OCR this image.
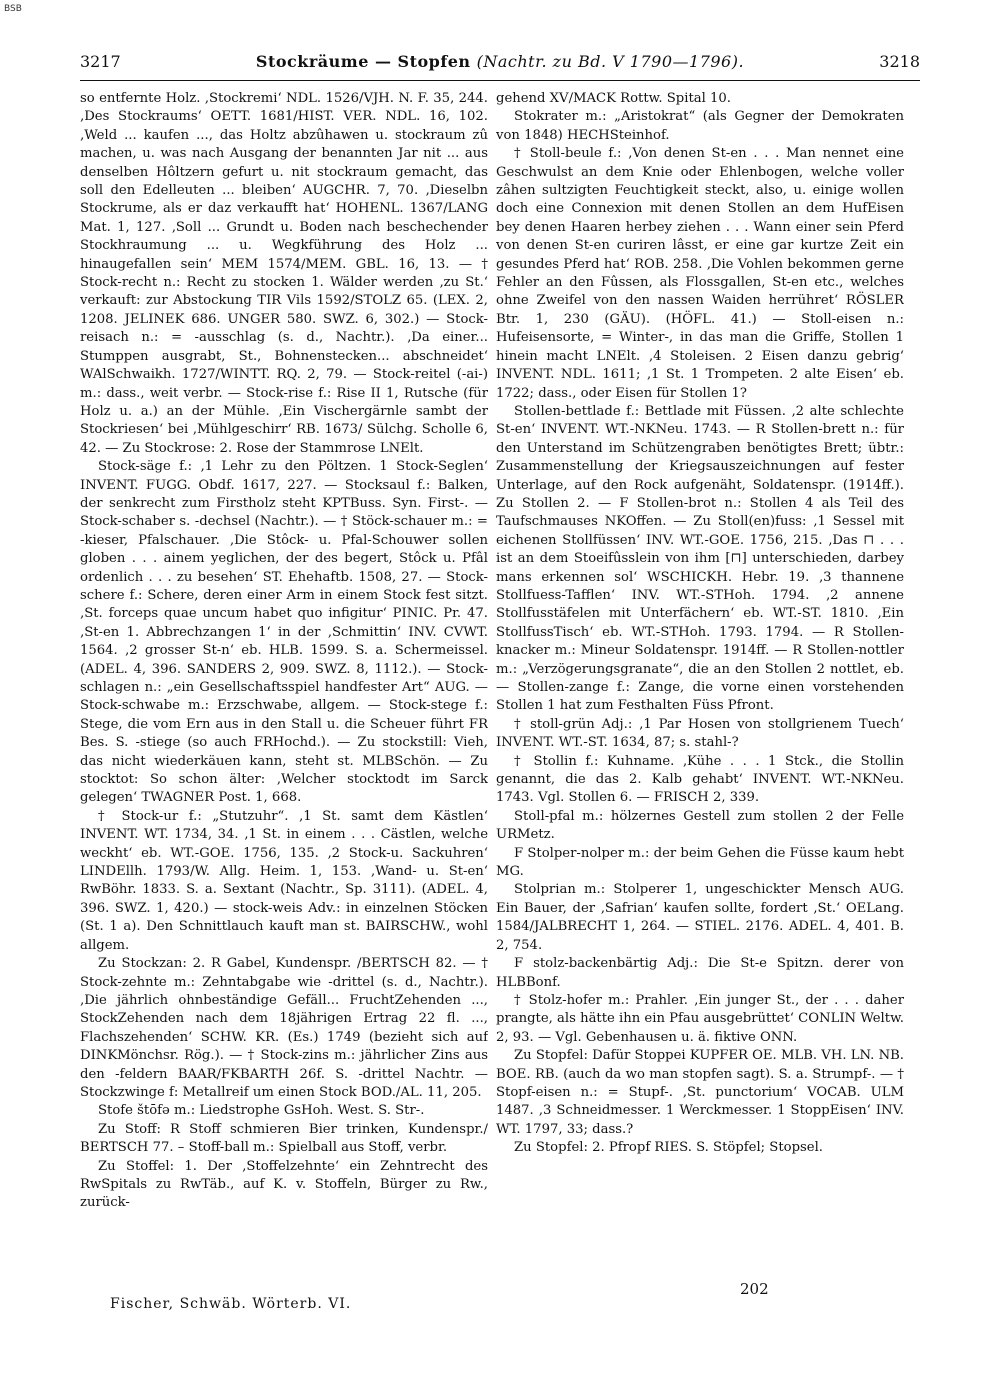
BSB
3217	Stockräume — Stopfen (Nachtr. zu Bd. V 1790—1796).	3218

so entfernte Holz. ‚Stockremi‘ NDL. 1526/VJH. N. F. 35, 244. ‚Des Stockraums‘ OETT. 1681/HIST. VER. NDL. 16, 102. ‚Weld ... kaufen ..., das Holtz abzûhawen u. stockraum zû machen, u. was nach Ausgang der benannten Jar nit ... aus denselben Hôltzern gefurt u. nit stockraum gemacht, das soll den Edelleuten ... bleiben‘ AUGCHR. 7, 70. ‚Dieselbn Stockrume, als er daz verkaufft hat‘ HOHENL. 1367/LANG Mat. 1, 127. ‚Soll ... Grundt u. Boden nach beschechender Stockhraumung ... u. Wegkführung des Holz ... hinaugefallen sein‘ MEM 1574/MEM. GBL. 16, 13. — † Stock-recht n.: Recht zu stocken 1. Wälder werden ‚zu St.‘ verkauft: zur Abstockung TIR Vils 1592/STOLZ 65. (LEX. 2, 1208. JELINEK 686. UNGER 580. SWZ. 6, 302.) — Stock-reisach n.: = -ausschlag (s. d., Nachtr.). ‚Da einer... Stumppen ausgrabt, St., Bohnenstecken... abschneidet‘ WAlSchwaikh. 1727/WINTT. RQ. 2, 79. — Stock-reitel (-ai-) m.: dass., weit verbr. — Stock-rise f.: Rise II 1, Rutsche (für Holz u. a.) an der Mühle. ‚Ein Vischergärnle sambt der Stockriesen‘ bei ‚Mühlgeschirr‘ RB. 1673/ Sülchg. Scholle 6, 42. — Zu Stockrose: 2. Rose der Stammrose LNElt.

Stock-säge f.: ‚1 Lehr zu den Pöltzen. 1 Stock-Seglen‘ INVENT. FUGG. Obdf. 1617, 227. — Stocksaul f.: Balken, der senkrecht zum Firstholz steht KPTBuss. Syn. First-. — Stock-schaber s. -dechsel (Nachtr.). — † Stöck-schauer m.: = -kieser, Pfalschauer. ‚Die Stôck- u. Pfal-Schouwer sollen globen . . . ainem yeglichen, der des begert, Stôck u. Pfâl ordenlich . . . zu besehen‘ ST. Ehehaftb. 1508, 27. — Stock-schere f.: Schere, deren einer Arm in einem Stock fest sitzt. ‚St. forceps quae uncum habet quo infigitur‘ PINIC. Pr. 47. ‚St-en 1. Abbrechzangen 1‘ in der ‚Schmittin‘ INV. CVWT. 1564. ‚2 grosser St-n‘ eb. HLB. 1599. S. a. Schermeissel. (ADEL. 4, 396. SANDERS 2, 909. SWZ. 8, 1112.). — Stock-schlagen n.: „ein Gesellschaftsspiel handfester Art“ AUG. — Stock-schwabe m.: Erzschwabe, allgem. — Stock-stege f.: Stege, die vom Ern aus in den Stall u. die Scheuer führt FR Bes. S. -stiege (so auch FRHochd.). — Zu stockstill: Vieh, das nicht wiederkäuen kann, steht st. MLBSchön. — Zu stocktot: So schon älter: ‚Welcher stocktodt im Sarck gelegen‘ TWAGNER Post. 1, 668.

† Stock-ur f.: „Stutzuhr“. ‚1 St. samt dem Kästlen‘ INVENT. WT. 1734, 34. ‚1 St. in einem . . . Cästlen, welche weckht‘ eb. WT.-GOE. 1756, 135. ‚2 Stock-u. Sackuhren‘ LINDEllh. 1793/W. Allg. Heim. 1, 153. ‚Wand- u. St-en‘ RwBöhr. 1833. S. a. Sextant (Nachtr., Sp. 3111). (ADEL. 4, 396. SWZ. 1, 420.) — stock-weis Adv.: in einzelnen Stöcken (St. 1 a). Den Schnittlauch kauft man st. BAIRSCHW., wohl allgem.

Zu Stockzan: 2. R Gabel, Kundenspr. /BERTSCH 82. — † Stock-zehnte m.: Zehntabgabe wie -drittel (s. d., Nachtr.). ‚Die jährlich ohnbeständige Gefäll... FruchtZehenden ..., StockZehenden nach dem 18jährigen Ertrag 22 fl. ..., Flachszehenden‘ SCHW. KR. (Es.) 1749 (bezieht sich auf DINKMönchsr. Rög.). — † Stock-zins m.: jährlicher Zins aus den -feldern BAAR/FKBARTH 26f. S. -drittel Nachtr. — Stockzwinge f: Metallreif um einen Stock BOD./AL. 11, 205.

Stofe štōfə m.: Liedstrophe GsHoh. West. S. Str-.

Zu Stoff: R Stoff schmieren Bier trinken, Kundenspr./ BERTSCH 77. – Stoff-ball m.: Spielball aus Stoff, verbr.

Zu Stoffel: 1. Der ‚Stoffelzehnte‘ ein Zehntrecht des RwSpitals zu RwTäb., auf K. v. Stoffeln, Bürger zu Rw., zurück-

gehend XV/MACK Rottw. Spital 10.

Stokrater m.: „Aristokrat“ (als Gegner der Demokraten von 1848) HECHSteinhof.

† Stoll-beule f.: ‚Von denen St-en . . . Man nennet eine Geschwulst an dem Knie oder Ehlenbogen, welche voller zâhen sultzigten Feuchtigkeit steckt, also, u. einige wollen doch eine Connexion mit denen Stollen an dem HufEisen bey denen Haaren herbey ziehen . . . Wann einer sein Pferd von denen St-en curiren lâsst, er eine gar kurtze Zeit ein gesundes Pferd hat‘ ROB. 258. ‚Die Vohlen bekommen gerne Fehler an den Fûssen, als Flossgallen, St-en etc., welches ohne Zweifel von den nassen Waiden herrühret‘ RÖSLER Btr. 1, 230 (GÄU). (HÖFL. 41.) — Stoll-eisen n.: Hufeisensorte, = Winter-, in das man die Griffe, Stollen 1 hinein macht LNElt. ‚4 Stoleisen. 2 Eisen danzu gebrig‘ INVENT. NDL. 1611; ‚1 St. 1 Trompeten. 2 alte Eisen‘ eb. 1722; dass., oder Eisen für Stollen 1?

Stollen-bettlade f.: Bettlade mit Füssen. ‚2 alte schlechte St-en‘ INVENT. WT.-NKNeu. 1743. — R Stollen-brett n.: für den Unterstand im Schützengraben benötigtes Brett; übtr.: Zusammenstellung der Kriegsauszeichnungen auf fester Unterlage, auf den Rock aufgenäht, Soldatenspr. (1914ff.). Zu Stollen 2. — F Stollen-brot n.: Stollen 4 als Teil des Taufschmauses NKOffen. — Zu Stoll(en)fuss: ‚1 Sessel mit eichenen Stollfüssen‘ INV. WT.-GOE. 1756, 215. ‚Das ⊓ . . . ist an dem Stoeifûsslein von ihm [⊓] unterschieden, darbey mans erkennen sol‘ WSCHICKH. Hebr. 19. ‚3 thannene Stollfuess-Tafflen‘ INV. WT.-STHoh. 1794. ‚2 annene Stollfusstäfelen mit Unterfächern‘ eb. WT.-ST. 1810. ‚Ein StollfussTisch‘ eb. WT.-STHoh. 1793. 1794. — R Stollen-knacker m.: Mineur Soldatenspr. 1914ff. — R Stollen-nottler m.: „Verzögerungsgranate“, die an den Stollen 2 nottlet, eb. — Stollen-zange f.: Zange, die vorne einen vorstehenden Stollen 1 hat zum Festhalten Füss Pfront.

† stoll-grün Adj.: ‚1 Par Hosen von stollgrienem Tuech‘ INVENT. WT.-ST. 1634, 87; s. stahl-?

† Stollin f.: Kuhname. ‚Kühe . . . 1 Stck., die Stollin genannt, die das 2. Kalb gehabt‘ INVENT. WT.-NKNeu. 1743. Vgl. Stollen 6. — FRISCH 2, 339.

Stoll-pfal m.: hölzernes Gestell zum stollen 2 der Felle URMetz.

F Stolper-nolper m.: der beim Gehen die Füsse kaum hebt MG.

Stolprian m.: Stolperer 1, ungeschickter Mensch AUG. Ein Bauer, der ‚Safrian‘ kaufen sollte, fordert ‚St.‘ OELang. 1584/JALBRECHT 1, 264. — STIEL. 2176. ADEL. 4, 401. B. 2, 754.

F stolz-backenbärtig Adj.: Die St-e Spitzn. derer von HLBBonf.

† Stolz-hofer m.: Prahler. ‚Ein junger St., der . . . daher prangte, als hätte ihn ein Pfau ausgebrüttet‘ CONLIN Weltw. 2, 93. — Vgl. Gebenhausen u. ä. fiktive ONN.

Zu Stopfel: Dafür Stoppei KUPFER OE. MLB. VH. LN. NB. BOE. RB. (auch da wo man stopfen sagt). S. a. Strumpf-. — † Stopf-eisen n.: = Stupf-. ‚St. punctorium‘ VOCAB. ULM 1487. ‚3 Schneidmesser. 1 Werckmesser. 1 StoppEisen‘ INV. WT. 1797, 33; dass.?

Zu Stopfel: 2. Pfropf RIES. S. Stöpfel; Stopsel.

Fischer, Schwäb. Wörterb. VI.
202
